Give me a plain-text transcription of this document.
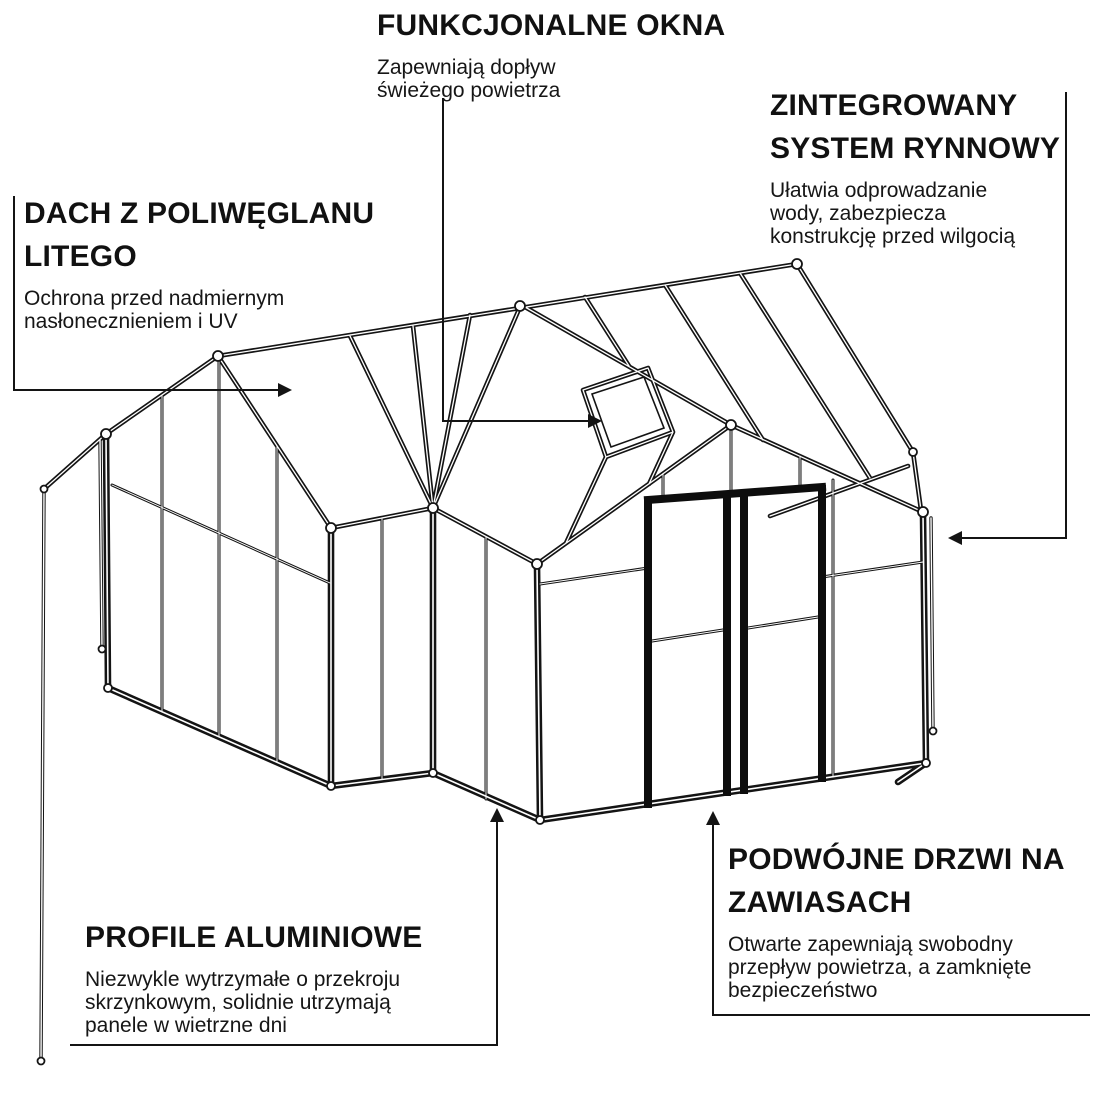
FUNKCJONALNE OKNA
Zapewniają dopływ
świeżego powietrza	ZINTEGROWANY
SYSTEM RYNNOWY
Ułatwia odprowadzanie
wody, zabezpiecza
konstrukcję przed wilgocią
DACH Z POLIWĘGLANU
LITEGO
Ochrona przed nadmiernym
nasłonecznieniem i UV
PROFILE ALUMINIOWE
Niezwykle wytrzymałe o przekroju
skrzynkowym, solidnie utrzymają
panele w wietrzne dni
PODWÓJNE DRZWI NA
ZAWIASACH
Otwarte zapewniają swobodny
przepływ powietrza, a zamknięte
bezpieczeństwo
